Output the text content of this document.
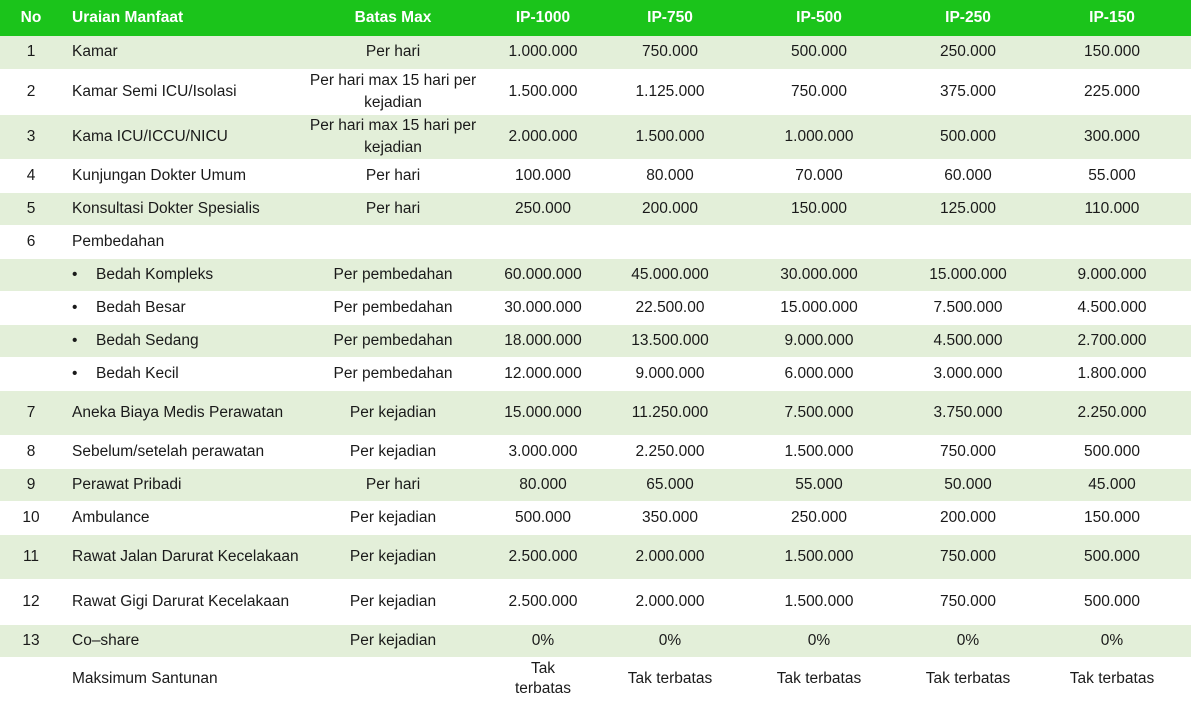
No	Uraian Manfaat	Batas Max	IP-1000	IP-750	IP-500	IP-250	IP-150
1	Kamar	Per hari	1.000.000	750.000	500.000	250.000	150.000
2	Kamar Semi ICU/Isolasi	Per hari max 15 hari per kejadian	1.500.000	1.125.000	750.000	375.000	225.000
3	Kama ICU/ICCU/NICU	Per hari max 15 hari per kejadian	2.000.000	1.500.000	1.000.000	500.000	300.000
4	Kunjungan Dokter Umum	Per hari	100.000	80.000	70.000	60.000	55.000
5	Konsultasi Dokter Spesialis	Per hari	250.000	200.000	150.000	125.000	110.000
6	Pembedahan						
	• Bedah Kompleks	Per pembedahan	60.000.000	45.000.000	30.000.000	15.000.000	9.000.000
	• Bedah Besar	Per pembedahan	30.000.000	22.500.00	15.000.000	7.500.000	4.500.000
	• Bedah Sedang	Per pembedahan	18.000.000	13.500.000	9.000.000	4.500.000	2.700.000
	• Bedah Kecil	Per pembedahan	12.000.000	9.000.000	6.000.000	3.000.000	1.800.000
7	Aneka Biaya Medis Perawatan	Per kejadian	15.000.000	11.250.000	7.500.000	3.750.000	2.250.000
8	Sebelum/setelah perawatan	Per kejadian	3.000.000	2.250.000	1.500.000	750.000	500.000
9	Perawat Pribadi	Per hari	80.000	65.000	55.000	50.000	45.000
10	Ambulance	Per kejadian	500.000	350.000	250.000	200.000	150.000
11	Rawat Jalan Darurat Kecelakaan	Per kejadian	2.500.000	2.000.000	1.500.000	750.000	500.000
12	Rawat Gigi Darurat Kecelakaan	Per kejadian	2.500.000	2.000.000	1.500.000	750.000	500.000
13	Co–share	Per kejadian	0%	0%	0%	0%	0%
	Maksimum Santunan		Tak terbatas	Tak terbatas	Tak terbatas	Tak terbatas	Tak terbatas
